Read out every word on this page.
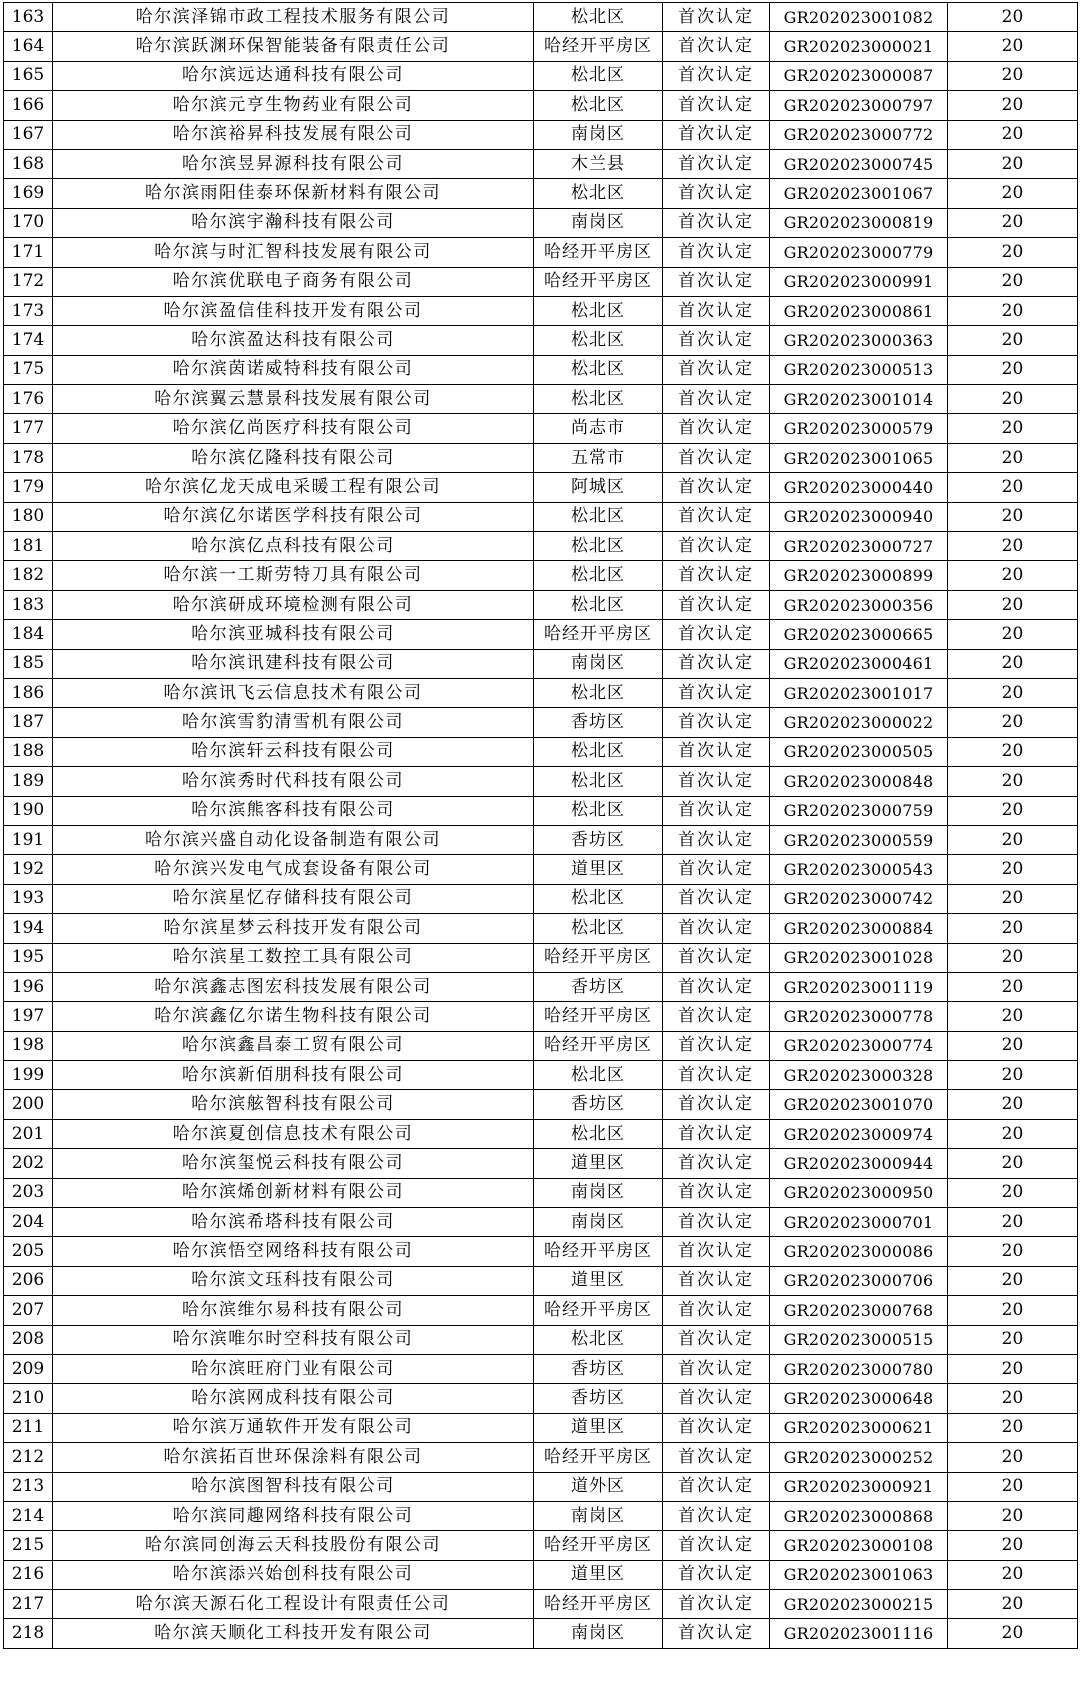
163	哈尔滨泽锦市政工程技术服务有限公司	松北区	首次认定	GR202023001082	20
164	哈尔滨跃渊环保智能装备有限责任公司	哈经开平房区	首次认定	GR202023000021	20
165	哈尔滨远达通科技有限公司	松北区	首次认定	GR202023000087	20
166	哈尔滨元亨生物药业有限公司	松北区	首次认定	GR202023000797	20
167	哈尔滨裕昇科技发展有限公司	南岗区	首次认定	GR202023000772	20
168	哈尔滨昱昇源科技有限公司	木兰县	首次认定	GR202023000745	20
169	哈尔滨雨阳佳泰环保新材料有限公司	松北区	首次认定	GR202023001067	20
170	哈尔滨宇瀚科技有限公司	南岗区	首次认定	GR202023000819	20
171	哈尔滨与时汇智科技发展有限公司	哈经开平房区	首次认定	GR202023000779	20
172	哈尔滨优联电子商务有限公司	哈经开平房区	首次认定	GR202023000991	20
173	哈尔滨盈信佳科技开发有限公司	松北区	首次认定	GR202023000861	20
174	哈尔滨盈达科技有限公司	松北区	首次认定	GR202023000363	20
175	哈尔滨茵诺威特科技有限公司	松北区	首次认定	GR202023000513	20
176	哈尔滨翼云慧景科技发展有限公司	松北区	首次认定	GR202023001014	20
177	哈尔滨亿尚医疗科技有限公司	尚志市	首次认定	GR202023000579	20
178	哈尔滨亿隆科技有限公司	五常市	首次认定	GR202023001065	20
179	哈尔滨亿龙天成电采暖工程有限公司	阿城区	首次认定	GR202023000440	20
180	哈尔滨亿尔诺医学科技有限公司	松北区	首次认定	GR202023000940	20
181	哈尔滨亿点科技有限公司	松北区	首次认定	GR202023000727	20
182	哈尔滨一工斯劳特刀具有限公司	松北区	首次认定	GR202023000899	20
183	哈尔滨研成环境检测有限公司	松北区	首次认定	GR202023000356	20
184	哈尔滨亚城科技有限公司	哈经开平房区	首次认定	GR202023000665	20
185	哈尔滨讯建科技有限公司	南岗区	首次认定	GR202023000461	20
186	哈尔滨讯飞云信息技术有限公司	松北区	首次认定	GR202023001017	20
187	哈尔滨雪豹清雪机有限公司	香坊区	首次认定	GR202023000022	20
188	哈尔滨轩云科技有限公司	松北区	首次认定	GR202023000505	20
189	哈尔滨秀时代科技有限公司	松北区	首次认定	GR202023000848	20
190	哈尔滨熊客科技有限公司	松北区	首次认定	GR202023000759	20
191	哈尔滨兴盛自动化设备制造有限公司	香坊区	首次认定	GR202023000559	20
192	哈尔滨兴发电气成套设备有限公司	道里区	首次认定	GR202023000543	20
193	哈尔滨星忆存储科技有限公司	松北区	首次认定	GR202023000742	20
194	哈尔滨星梦云科技开发有限公司	松北区	首次认定	GR202023000884	20
195	哈尔滨星工数控工具有限公司	哈经开平房区	首次认定	GR202023001028	20
196	哈尔滨鑫志图宏科技发展有限公司	香坊区	首次认定	GR202023001119	20
197	哈尔滨鑫亿尔诺生物科技有限公司	哈经开平房区	首次认定	GR202023000778	20
198	哈尔滨鑫昌泰工贸有限公司	哈经开平房区	首次认定	GR202023000774	20
199	哈尔滨新佰朋科技有限公司	松北区	首次认定	GR202023000328	20
200	哈尔滨舷智科技有限公司	香坊区	首次认定	GR202023001070	20
201	哈尔滨夏创信息技术有限公司	松北区	首次认定	GR202023000974	20
202	哈尔滨玺悦云科技有限公司	道里区	首次认定	GR202023000944	20
203	哈尔滨烯创新材料有限公司	南岗区	首次认定	GR202023000950	20
204	哈尔滨希塔科技有限公司	南岗区	首次认定	GR202023000701	20
205	哈尔滨悟空网络科技有限公司	哈经开平房区	首次认定	GR202023000086	20
206	哈尔滨文珏科技有限公司	道里区	首次认定	GR202023000706	20
207	哈尔滨维尔易科技有限公司	哈经开平房区	首次认定	GR202023000768	20
208	哈尔滨唯尔时空科技有限公司	松北区	首次认定	GR202023000515	20
209	哈尔滨旺府门业有限公司	香坊区	首次认定	GR202023000780	20
210	哈尔滨网成科技有限公司	香坊区	首次认定	GR202023000648	20
211	哈尔滨万通软件开发有限公司	道里区	首次认定	GR202023000621	20
212	哈尔滨拓百世环保涂料有限公司	哈经开平房区	首次认定	GR202023000252	20
213	哈尔滨图智科技有限公司	道外区	首次认定	GR202023000921	20
214	哈尔滨同趣网络科技有限公司	南岗区	首次认定	GR202023000868	20
215	哈尔滨同创海云天科技股份有限公司	哈经开平房区	首次认定	GR202023000108	20
216	哈尔滨添兴始创科技有限公司	道里区	首次认定	GR202023001063	20
217	哈尔滨天源石化工程设计有限责任公司	哈经开平房区	首次认定	GR202023000215	20
218	哈尔滨天顺化工科技开发有限公司	南岗区	首次认定	GR202023001116	20
